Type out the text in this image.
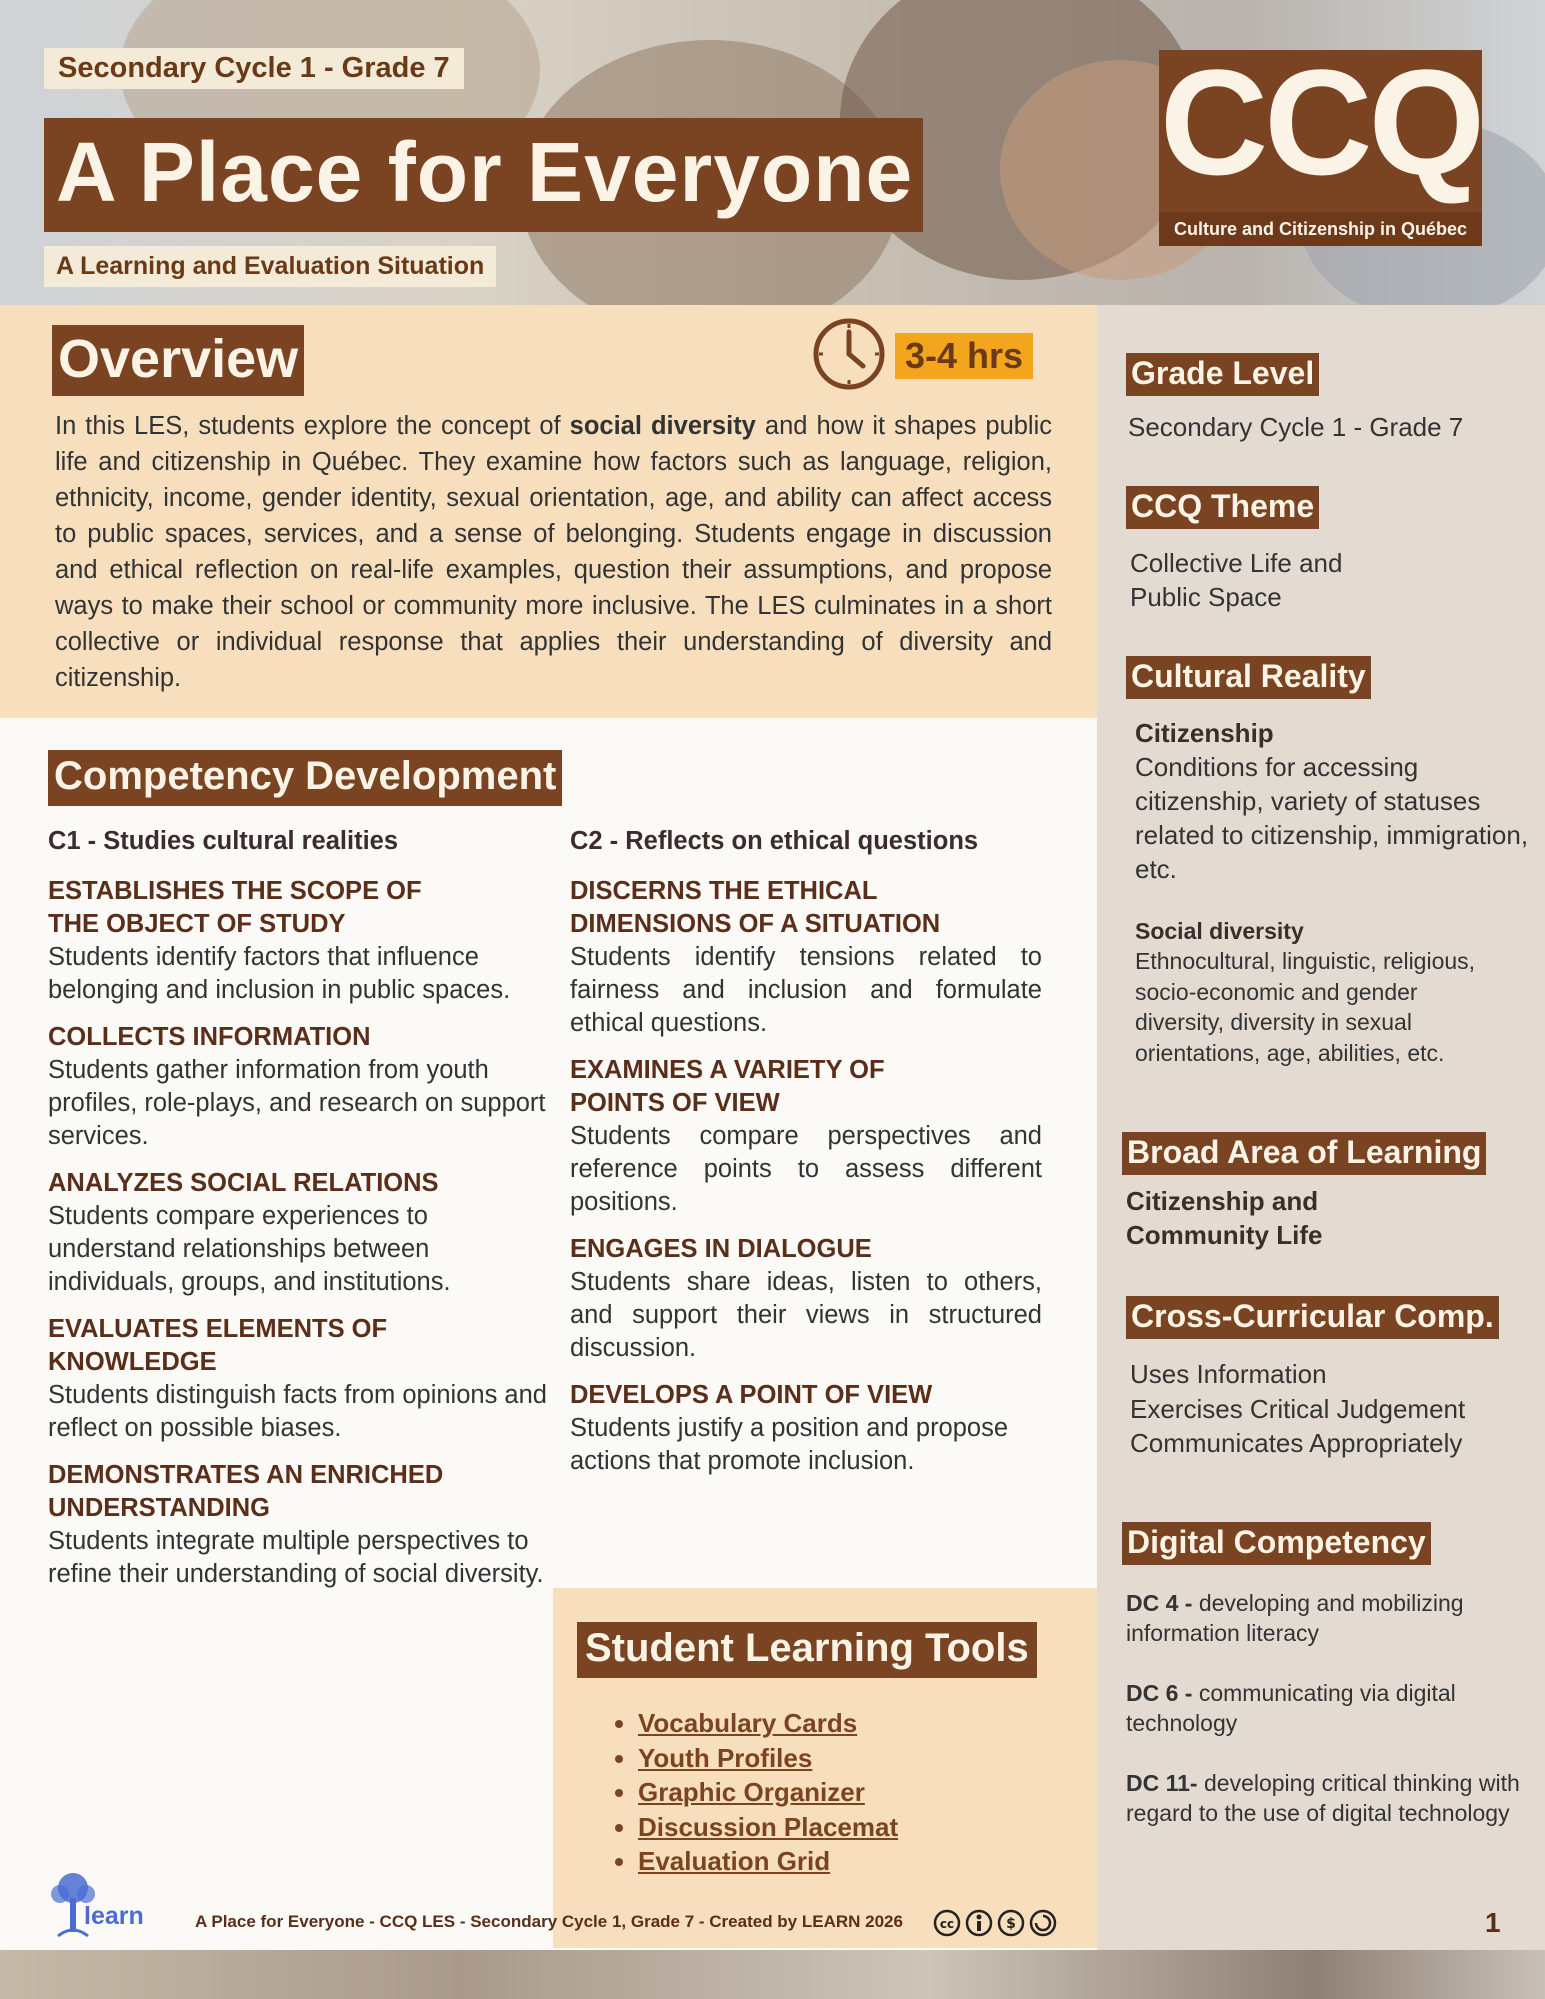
Secondary Cycle 1 - Grade 7
A Place for Everyone
A Learning and Evaluation Situation
CCQ
Culture and Citizenship in Québec
Overview	3-4 hrs
In this LES, students explore the concept of social diversity and how it shapes public life and citizenship in Québec. They examine how factors such as language, religion, ethnicity, income, gender identity, sexual orientation, age, and ability can affect access to public spaces, services, and a sense of belonging. Students engage in discussion and ethical reflection on real-life examples, question their assumptions, and propose ways to make their school or community more inclusive. The LES culminates in a short collective or individual response that applies their understanding of diversity and citizenship.
Competency Development
C1 - Studies cultural realities
ESTABLISHES THE SCOPE OF
THE OBJECT OF STUDY
Students identify factors that influence belonging and inclusion in public spaces.
COLLECTS INFORMATION
Students gather information from youth profiles, role-plays, and research on support services.
ANALYZES SOCIAL RELATIONS
Students compare experiences to understand relationships between individuals, groups, and institutions.
EVALUATES ELEMENTS OF
KNOWLEDGE
Students distinguish facts from opinions and reflect on possible biases.
DEMONSTRATES AN ENRICHED
UNDERSTANDING
Students integrate multiple perspectives to refine their understanding of social diversity.
C2 - Reflects on ethical questions
DISCERNS THE ETHICAL
DIMENSIONS OF A SITUATION
Students identify tensions related to fairness and inclusion and formulate ethical questions.
EXAMINES A VARIETY OF
POINTS OF VIEW
Students compare perspectives and reference points to assess different positions.
ENGAGES IN DIALOGUE
Students share ideas, listen to others, and support their views in structured discussion.
DEVELOPS A POINT OF VIEW
Students justify a position and propose actions that promote inclusion.
Student Learning Tools
• Vocabulary Cards
• Youth Profiles
• Graphic Organizer
• Discussion Placemat
• Evaluation Grid
Grade Level
Secondary Cycle 1 - Grade 7
CCQ Theme
Collective Life and
Public Space
Cultural Reality
Citizenship
Conditions for accessing citizenship, variety of statuses related to citizenship, immigration, etc.
Social diversity
Ethnocultural, linguistic, religious, socio-economic and gender diversity, diversity in sexual orientations, age, abilities, etc.
Broad Area of Learning
Citizenship and
Community Life
Cross-Curricular Comp.
Uses Information
Exercises Critical Judgement
Communicates Appropriately
Digital Competency
DC 4 - developing and mobilizing information literacy
DC 6 - communicating via digital technology
DC 11- developing critical thinking with regard to the use of digital technology
learn	A Place for Everyone - CCQ LES - Secondary Cycle 1, Grade 7 - Created by LEARN 2026	cc	$	1
